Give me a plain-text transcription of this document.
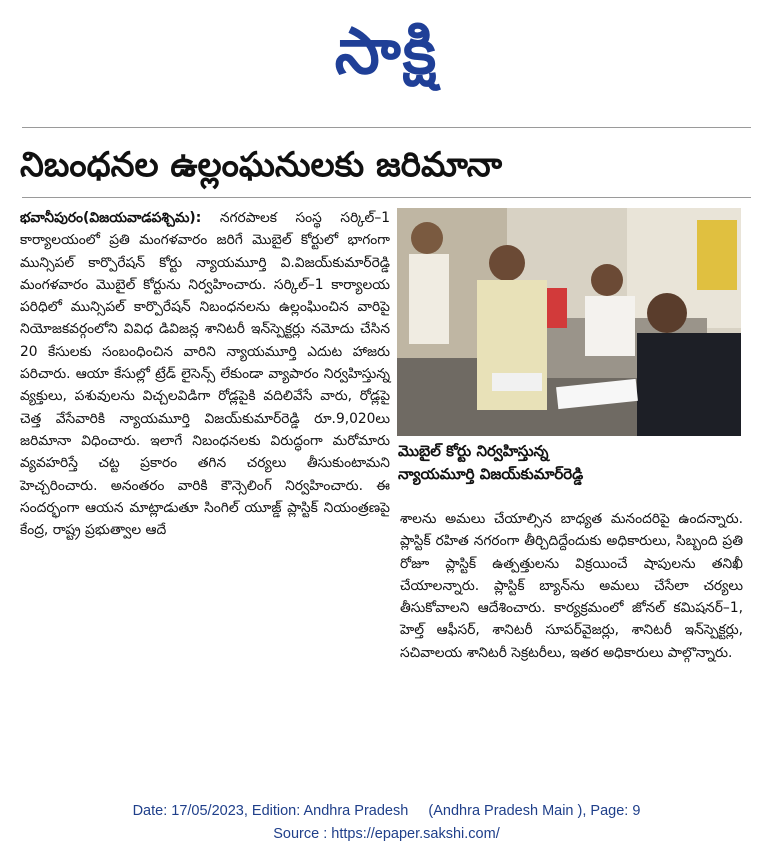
సాక్షి
నిబంధనల ఉల్లంఘనులకు జరిమానా
భవానీపురం(విజయవాడపశ్చిమ): నగరపాలక సంస్థ సర్కిల్‌–1 కార్యాలయంలో ప్రతి మంగళవారం జరిగే మొబైల్‌ కోర్టులో భాగంగా మున్సిపల్‌ కార్పొరేషన్‌ కోర్టు న్యాయమూర్తి వి.విజయ్‌కుమార్‌రెడ్డి మంగళవారం మొబైల్‌ కోర్టును నిర్వహించారు. సర్కిల్‌–1 కార్యాలయ పరిధిలో మున్సిపల్‌ కార్పొరేషన్‌ నిబంధనలను ఉల్లంఘించిన వారిపై నియోజకవర్గంలోని వివిధ డివిజన్ల శానిటరీ ఇన్‌స్పెక్టర్లు నమోదు చేసిన 20 కేసులకు సంబంధించిన వారిని న్యాయమూర్తి ఎదుట హాజరు పరిచారు. ఆయా కేసుల్లో ట్రేడ్‌ లైసెన్స్‌ లేకుండా వ్యాపారం నిర్వహిస్తున్న వ్యక్తులు, పశువులను విచ్చలవిడిగా రోడ్లపైకి వదిలివేసే వారు, రోడ్లపై చెత్త వేసేవారికి న్యాయమూర్తి విజయ్‌కుమార్‌రెడ్డి రూ.9,020లు జరిమానా విధించారు. ఇలాగే నిబంధనలకు విరుద్ధంగా మరోమారు వ్యవహరిస్తే చట్ట ప్రకారం తగిన చర్యలు తీసుకుంటామని హెచ్చరించారు. అనంతరం వారికి కౌన్సెలింగ్‌ నిర్వహించారు. ఈ సందర్భంగా ఆయన మాట్లాడుతూ సింగిల్‌ యూజ్డ్‌ ప్లాస్టిక్‌ నియంత్రణపై కేంద్ర, రాష్ట్ర ప్రభుత్వాల ఆదే
మొబైల్‌ కోర్టు నిర్వహిస్తున్న
న్యాయమూర్తి విజయ్‌కుమార్‌రెడ్డి
శాలను అమలు చేయాల్సిన బాధ్యత మనందరిపై ఉందన్నారు. ప్లాస్టిక్‌ రహిత నగరంగా తీర్చిదిద్దేందుకు అధికారులు, సిబ్బంది ప్రతి రోజూ ప్లాస్టిక్‌ ఉత్పత్తులను విక్రయించే షాపులను తనిఖీ చేయాలన్నారు. ప్లాస్టిక్‌ బ్యాన్‌ను అమలు చేసేలా చర్యలు తీసుకోవాలని ఆదేశించారు. కార్యక్రమంలో జోనల్‌ కమిషనర్‌–1, హెల్త్‌ ఆఫీసర్‌, శానిటరీ సూపర్‌వైజర్లు, శానిటరీ ఇన్‌స్పెక్టర్లు, సచివాలయ శానిటరీ సెక్రటరీలు, ఇతర అధికారులు పాల్గొన్నారు.
Date: 17/05/2023, Edition: Andhra Pradesh     (Andhra Pradesh Main ), Page: 9
Source : https://epaper.sakshi.com/
